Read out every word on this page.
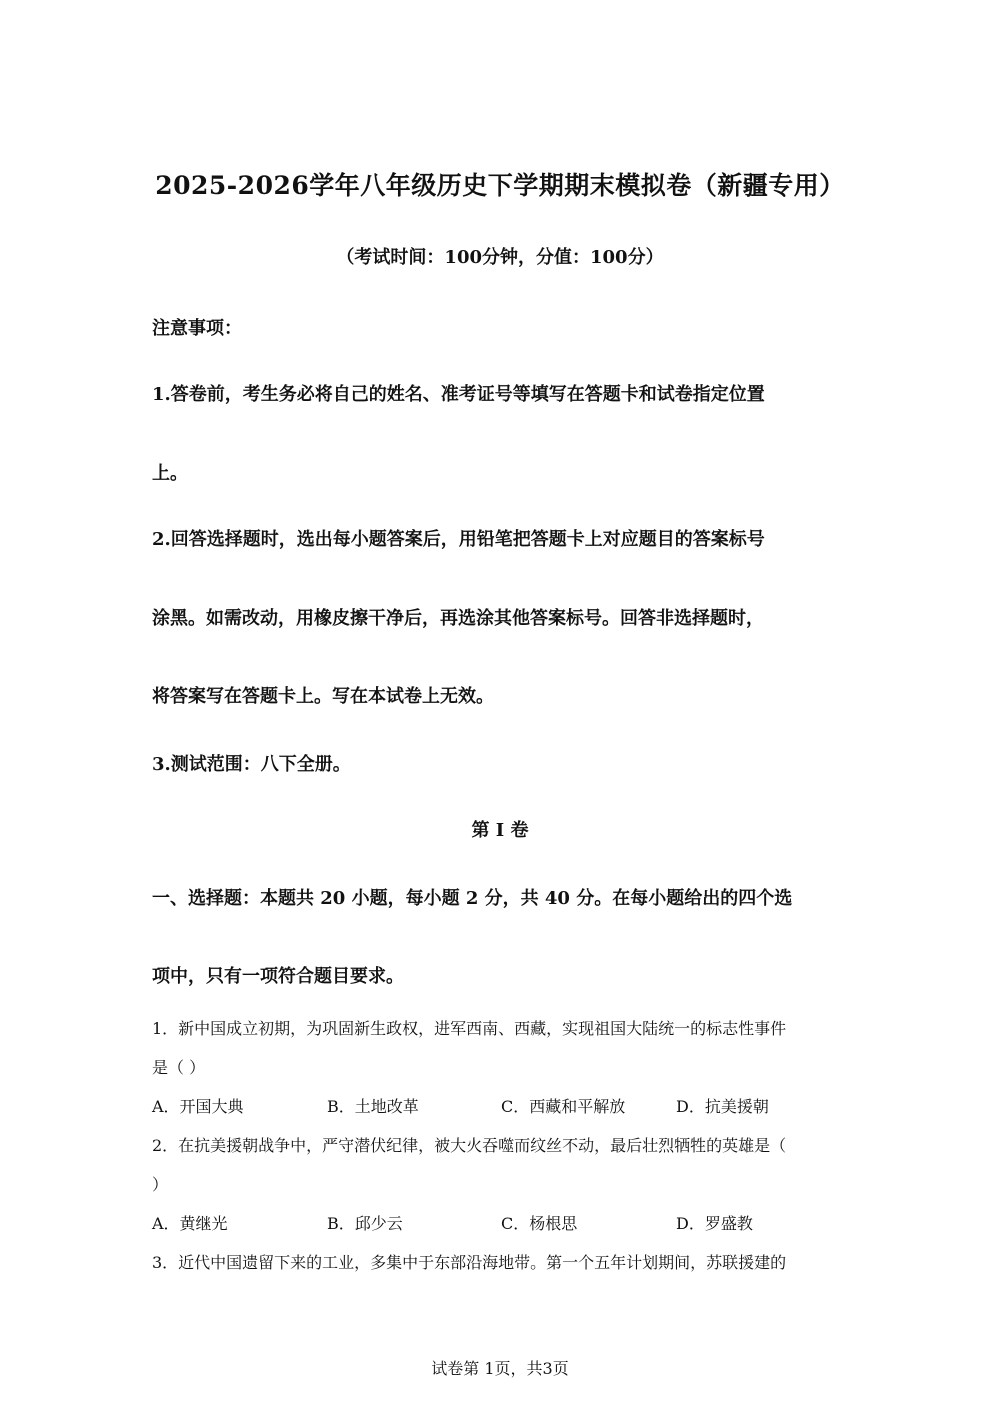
2025-2026学年八年级历史下学期期末模拟卷（新疆专用）
（考试时间：100分钟，分值：100分）
注意事项：
1.答卷前，考生务必将自己的姓名、准考证号等填写在答题卡和试卷指定位置
上。
2.回答选择题时，选出每小题答案后，用铅笔把答题卡上对应题目的答案标号
涂黑。如需改动，用橡皮擦干净后，再选涂其他答案标号。回答非选择题时，
将答案写在答题卡上。写在本试卷上无效。
3.测试范围：八下全册。
第 I 卷
一、选择题：本题共 20 小题，每小题 2 分，共 40 分。在每小题给出的四个选
项中，只有一项符合题目要求。
1．新中国成立初期，为巩固新生政权，进军西南、西藏，实现祖国大陆统一的标志性事件
是（ ）
A．开国大典	B．土地改革	C．西藏和平解放	D．抗美援朝
2．在抗美援朝战争中，严守潜伏纪律，被大火吞噬而纹丝不动，最后壮烈牺牲的英雄是（
）
A．黄继光	B．邱少云	C．杨根思	D．罗盛教
3．近代中国遗留下来的工业，多集中于东部沿海地带。第一个五年计划期间，苏联援建的
试卷第 1页，共3页
